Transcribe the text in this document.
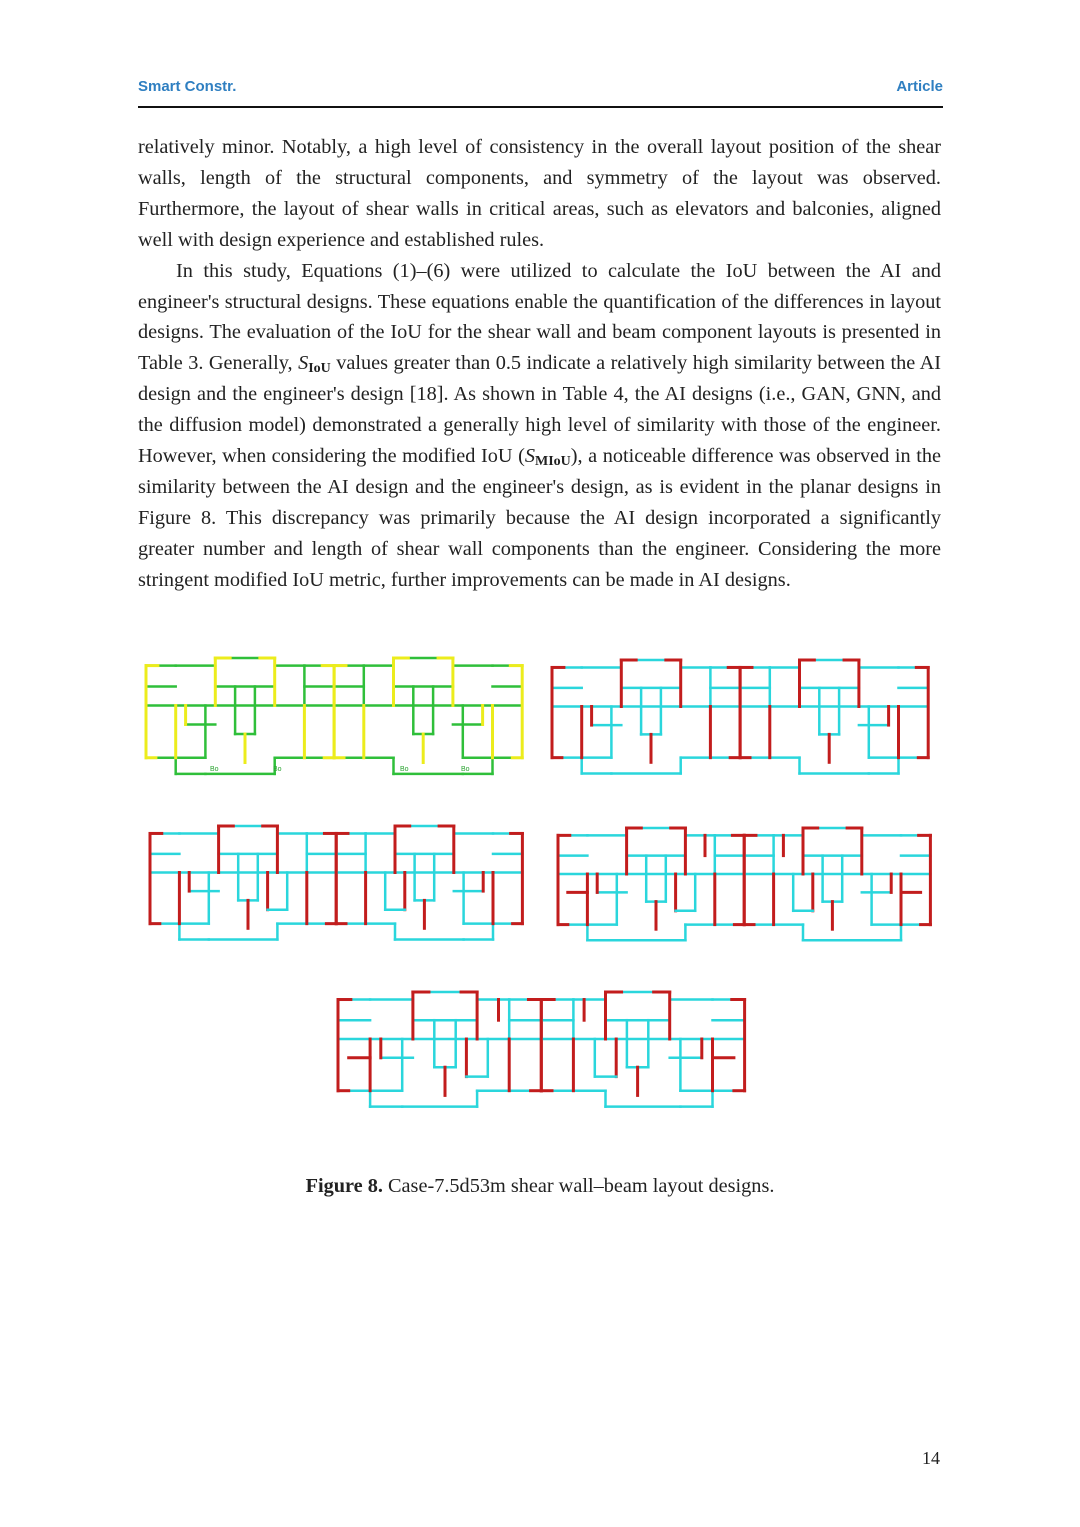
Smart Constr.	Article

relatively minor. Notably, a high level of consistency in the overall layout position of the shear walls, length of the structural components, and symmetry of the layout was observed. Furthermore, the layout of shear walls in critical areas, such as elevators and balconies, aligned well with design experience and established rules.

In this study, Equations (1)–(6) were utilized to calculate the IoU between the AI and engineer's structural designs. These equations enable the quantification of the differences in layout designs. The evaluation of the IoU for the shear wall and beam component layouts is presented in Table 3. Generally, $S_{IoU}$ values greater than 0.5 indicate a relatively high similarity between the AI design and the engineer's design [18]. As shown in Table 4, the AI designs (i.e., GAN, GNN, and the diffusion model) demonstrated a generally high level of similarity with those of the engineer. However, when considering the modified IoU $(S_{MIoU})$, a noticeable difference was observed in the similarity between the AI design and the engineer's design, as is evident in the planar designs in Figure 8. This discrepancy was primarily because the AI design incorporated a significantly greater number and length of shear wall components than the engineer. Considering the more stringent modified IoU metric, further improvements can be made in AI designs.

Bo	Bo	Bo	Bo
Figure 8. Case-7.5d53m shear wall–beam layout designs.
14
